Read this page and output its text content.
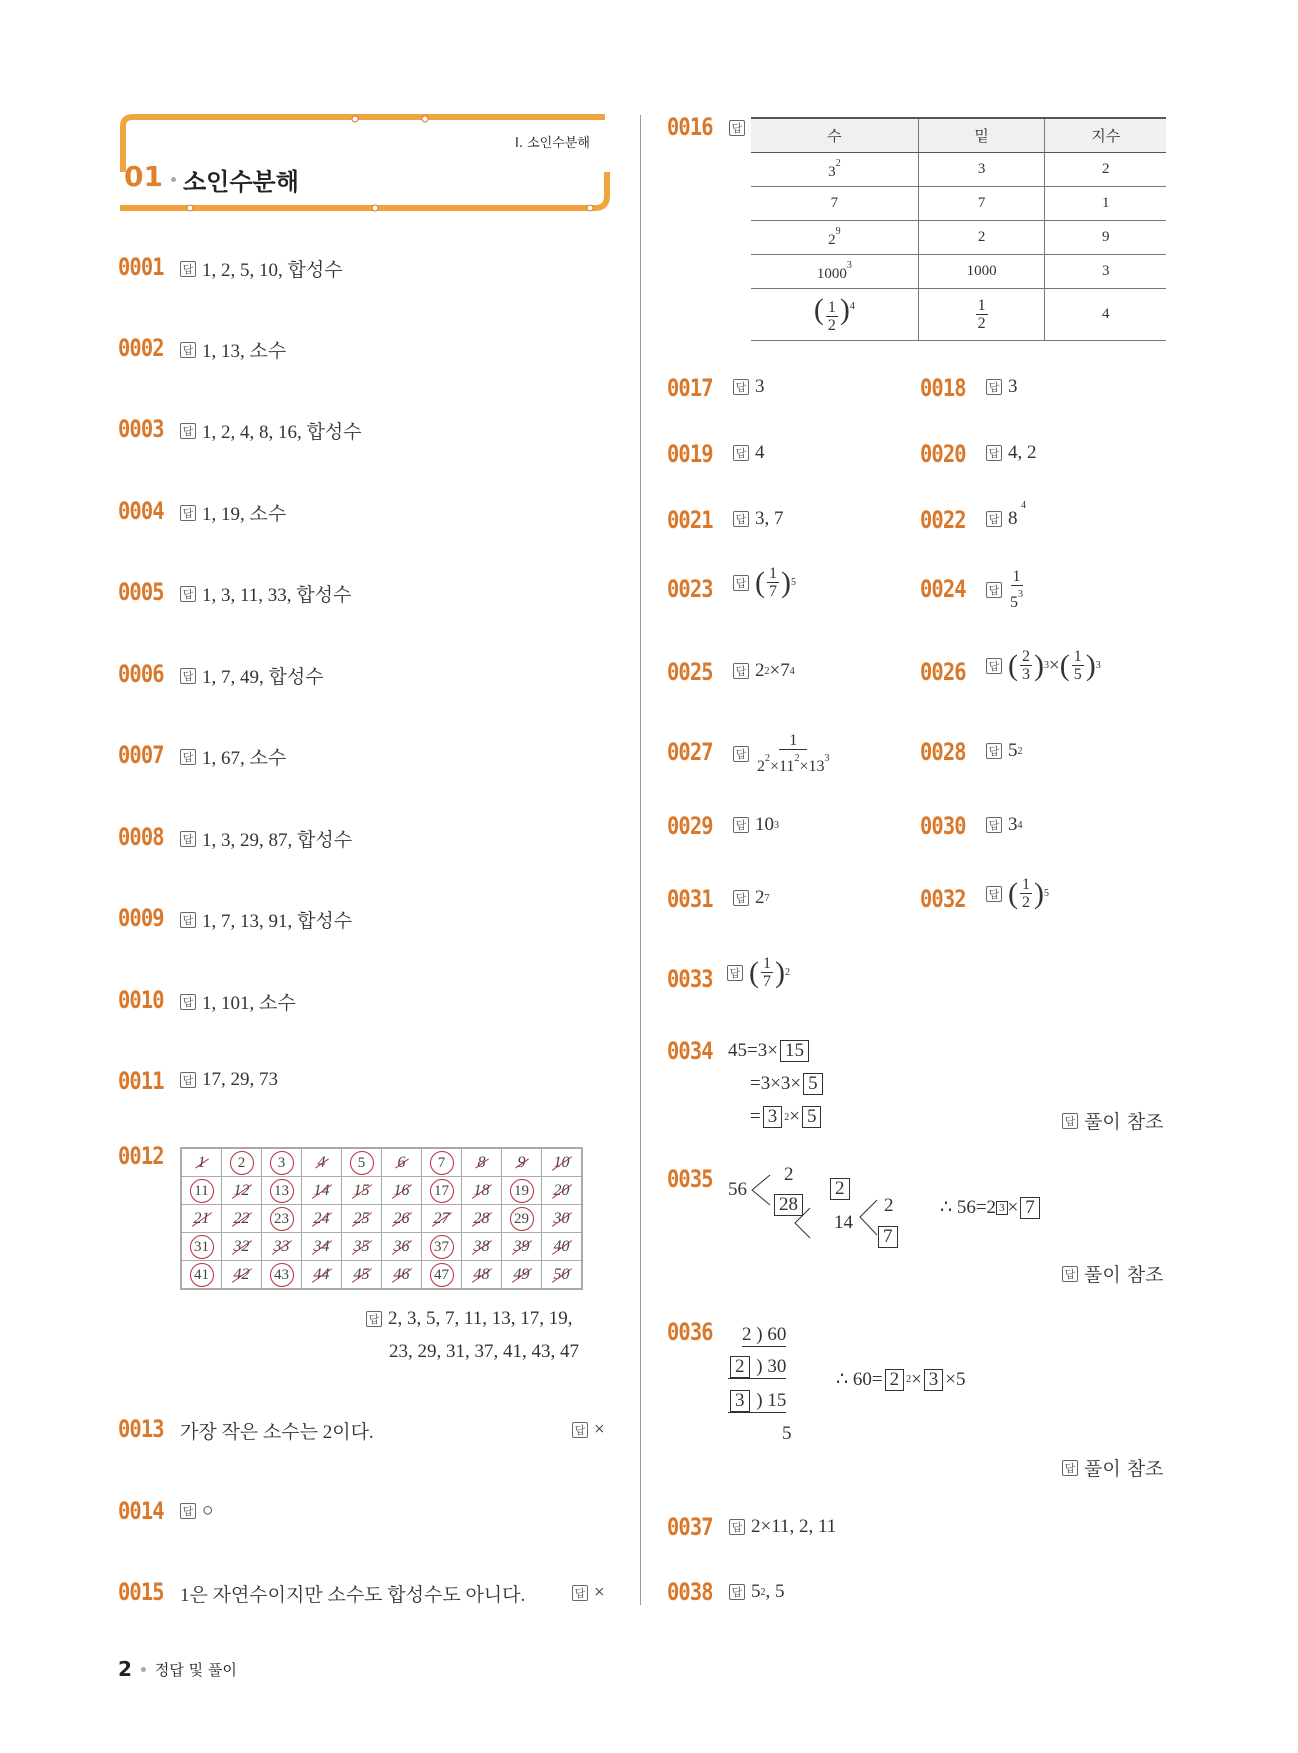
I. 소인수분해
01 소인수분해
0001 답 1, 2, 5, 10, 합성수
0002 답 1, 13, 소수
0003 답 1, 2, 4, 8, 16, 합성수
0004 답 1, 19, 소수
0005 답 1, 3, 11, 33, 합성수
0006 답 1, 7, 49, 합성수
0007 답 1, 67, 소수
0008 답 1, 3, 29, 87, 합성수
0009 답 1, 7, 13, 91, 합성수
0010 답 1, 101, 소수
0011 답 17, 29, 73
0012 1	2	3	4	5	6	7	8	9	10
11	12	13	14	15	16	17	18	19	20
21	22	23	24	25	26	27	28	29	30
31	32	33	34	35	36	37	38	39	40
41	42	43	44	45	46	47	48	49	50
답 2, 3, 5, 7, 11, 13, 17, 19,
23, 29, 31, 37, 41, 43, 47
0013 가장 작은 소수는 2이다.	답 ×
0014 답 ○
0015 1은 자연수이지만 소수도 합성수도 아니다.	답 ×
0016 답	수	밑	지수
$3^2$	3	2
7	7	1
$2^9$	2	9
1000$^3$	1000	3
( $\frac{1}{2} )^4$	$\frac{1}{2}$	4
0017 답 3	0018 답 3
0019 답 4	0020 답 4, 2
0021 답 3, 7	0022 답 8
4
0023 답 ( $\frac{1}{7}$ ) 5	0024 답 $\frac{1}{5^3}$
0025 답 2 2 ×7 4	0026 답 ( $\frac{2}{3}$ ) 3 × ( $\frac{1}{5}$ ) 3
0027 답 $\frac{1}{2^2\times 11^2\times 13^3}$	0028 답 5 2
0029 답 10 3	0030 답 3 4
0031 답 2 7	0032 답 ( $\frac{1}{2}$ ) 5
0033 답 ( $\frac{1}{7}$ ) 2
0034 45=3× 15
=3×3× 5
= 3 2 × 5	답 풀이 참조
0035 56
2
28
2
14
2
7
∴ 56=2 3 × 7
답 풀이 참조
0036 2 ) 60
2
) 30
3
) 15
5
∴ 60= 2 2 × 3 ×5
답 풀이 참조
0037 답 2×11, 2, 11
0038 답 5 2 , 5
2 정답 및 풀이
